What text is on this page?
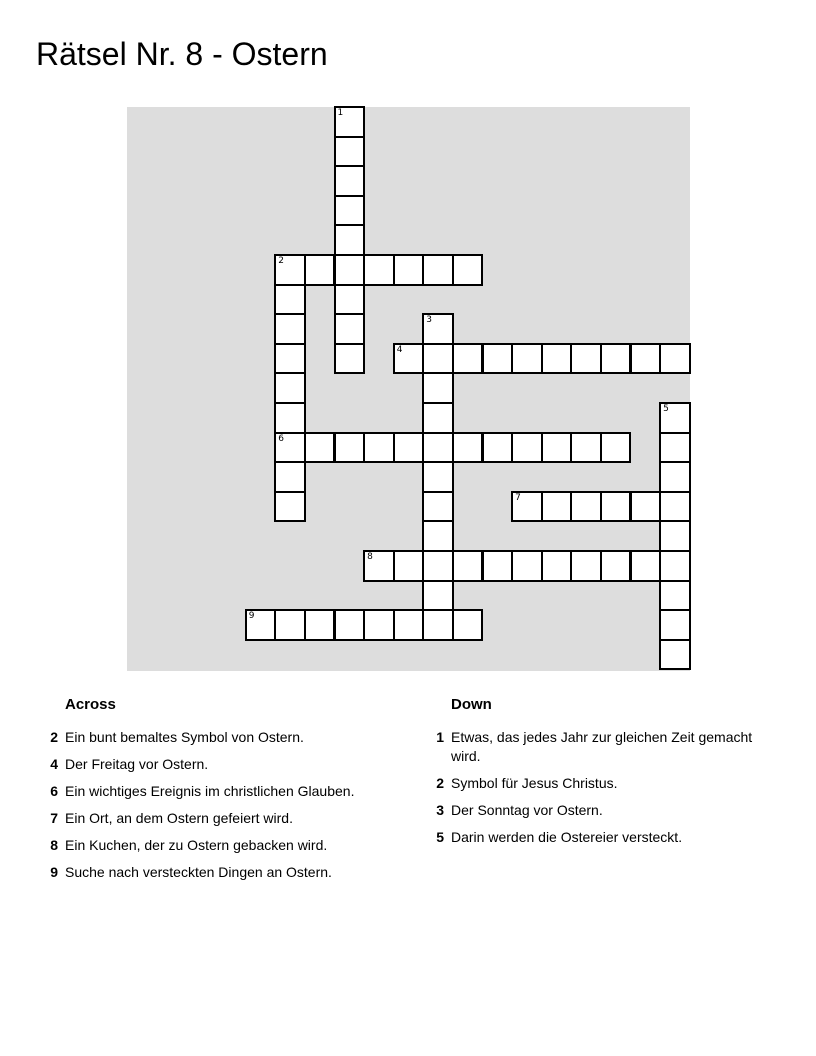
Rätsel Nr. 8 - Ostern
1
2
6
3
4
5
7
8
9
Across
2 Ein bunt bemaltes Symbol von Ostern.
4 Der Freitag vor Ostern.
6 Ein wichtiges Ereignis im christlichen Glauben.
7 Ein Ort, an dem Ostern gefeiert wird.
8 Ein Kuchen, der zu Ostern gebacken wird.
9 Suche nach versteckten Dingen an Ostern.
Down
1 Etwas, das jedes Jahr zur gleichen Zeit gemacht wird.
2 Symbol für Jesus Christus.
3 Der Sonntag vor Ostern.
5 Darin werden die Ostereier versteckt.
